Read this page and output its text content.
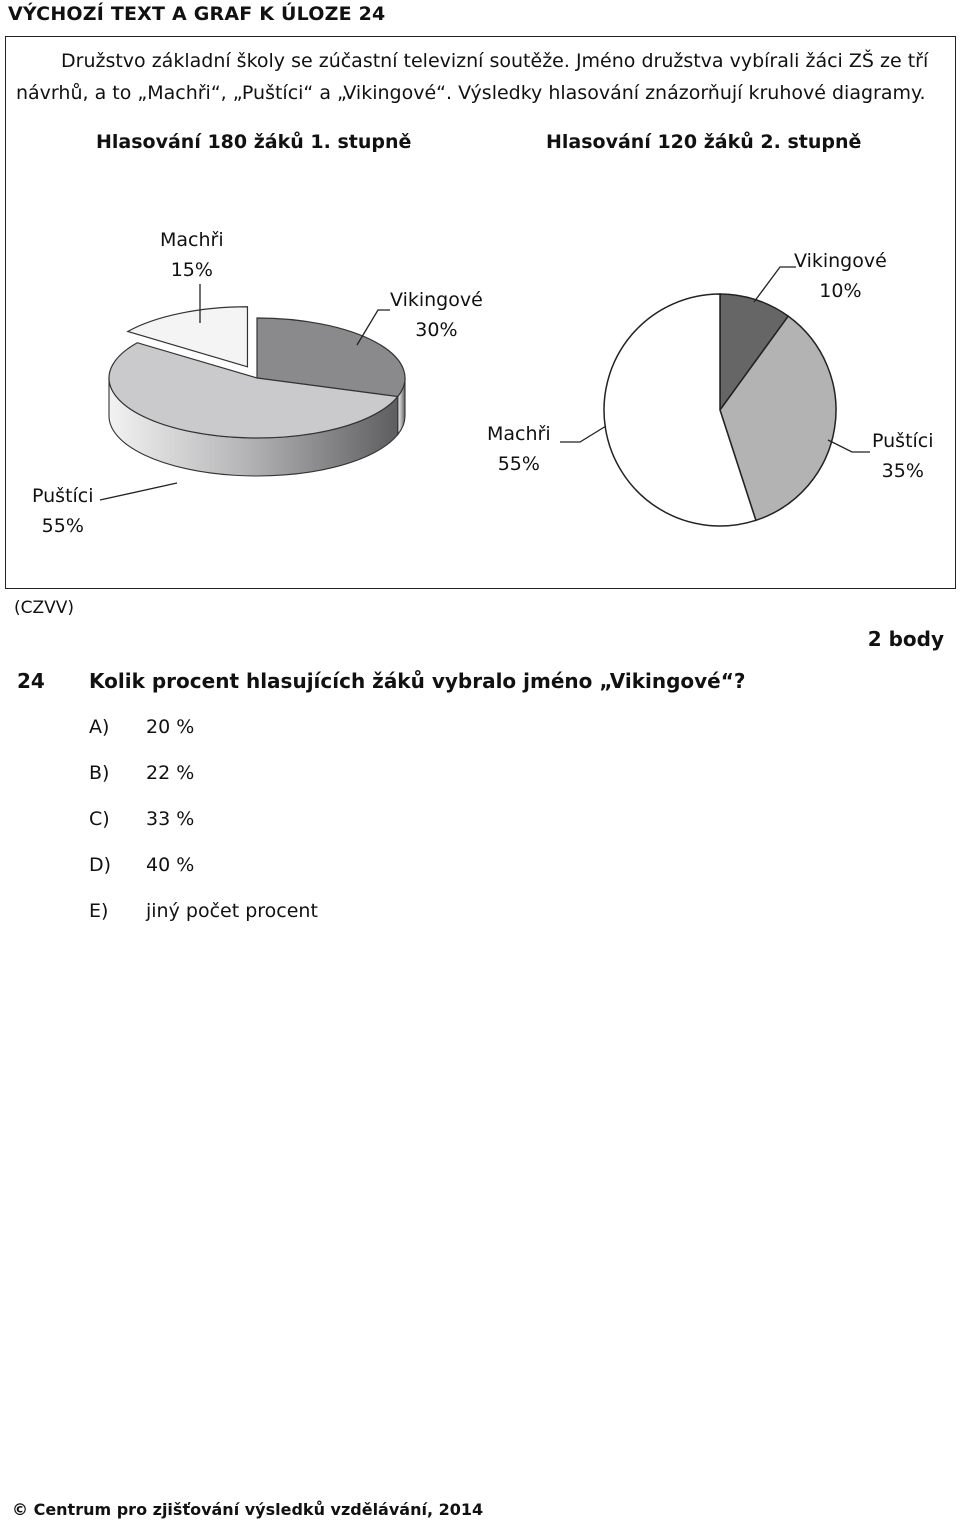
VÝCHOZÍ TEXT A GRAF K ÚLOZE 24

Družstvo základní školy se zúčastní televizní soutěže. Jméno družstva vybírali žáci ZŠ ze tří návrhů, a to „Machři“, „Puštíci“ a „Vikingové“. Výsledky hlasování znázorňují kruhové diagramy.

Hlasování 180 žáků 1. stupně	Hlasování 120 žáků 2. stupně
Machři
15%
Vikingové
30%
Puštíci
55%
Vikingové
10%
Puštíci
35%
Machři
55%
(CZVV)
2 body
24 Kolik procent hlasujících žáků vybralo jméno „Vikingové“?
A) 20 %
B) 22 %
C) 33 %
D) 40 %
E) jiný počet procent
© Centrum pro zjišťování výsledků vzdělávání, 2014
